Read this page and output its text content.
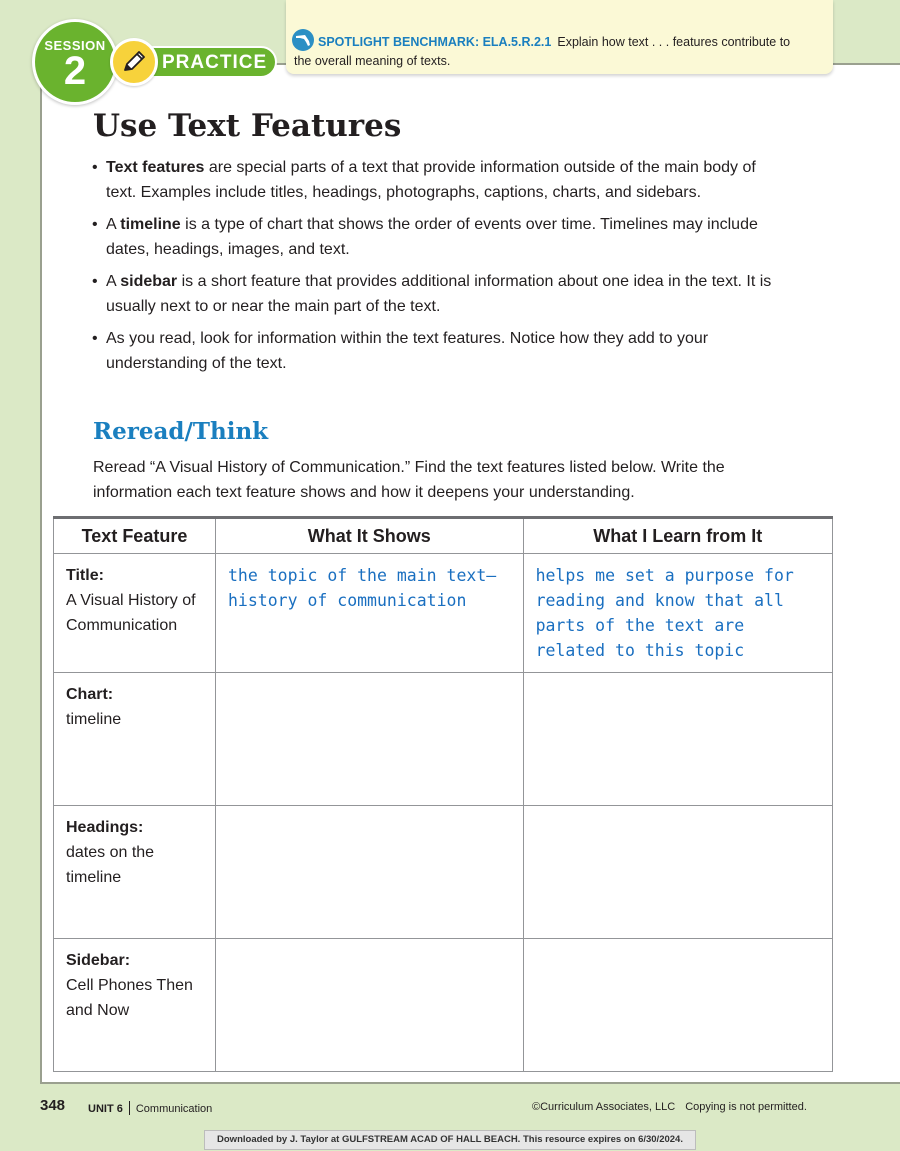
SPOTLIGHT BENCHMARK: ELA.5.R.2.1 Explain how text . . . features contribute to
the overall meaning of texts.
PRACTICE
SESSION
2
Use Text Features
• Text features are special parts of a text that provide information outside of the main body of text. Examples include titles, headings, photographs, captions, charts, and sidebars.
• A timeline is a type of chart that shows the order of events over time. Timelines may include dates, headings, images, and text.
• A sidebar is a short feature that provides additional information about one idea in the text. It is usually next to or near the main part of the text.
• As you read, look for information within the text features. Notice how they add to your understanding of the text.
Reread/Think

Reread “A Visual History of Communication.” Find the text features listed below. Write the information each text feature shows and how it deepens your understanding.

Text Feature	What It Shows	What I Learn from It
Title:
A Visual History of Communication	the topic of the main text—history of communication	helps me set a purpose for reading and know that all parts of the text are related to this topic
Chart:
timeline		
Headings:
dates on the timeline		
Sidebar:
Cell Phones Then and Now		
348 UNIT 6 Communication	©Curriculum Associates, LLC Copying is not permitted.
Downloaded by J. Taylor at GULFSTREAM ACAD OF HALL BEACH. This resource expires on 6/30/2024.
